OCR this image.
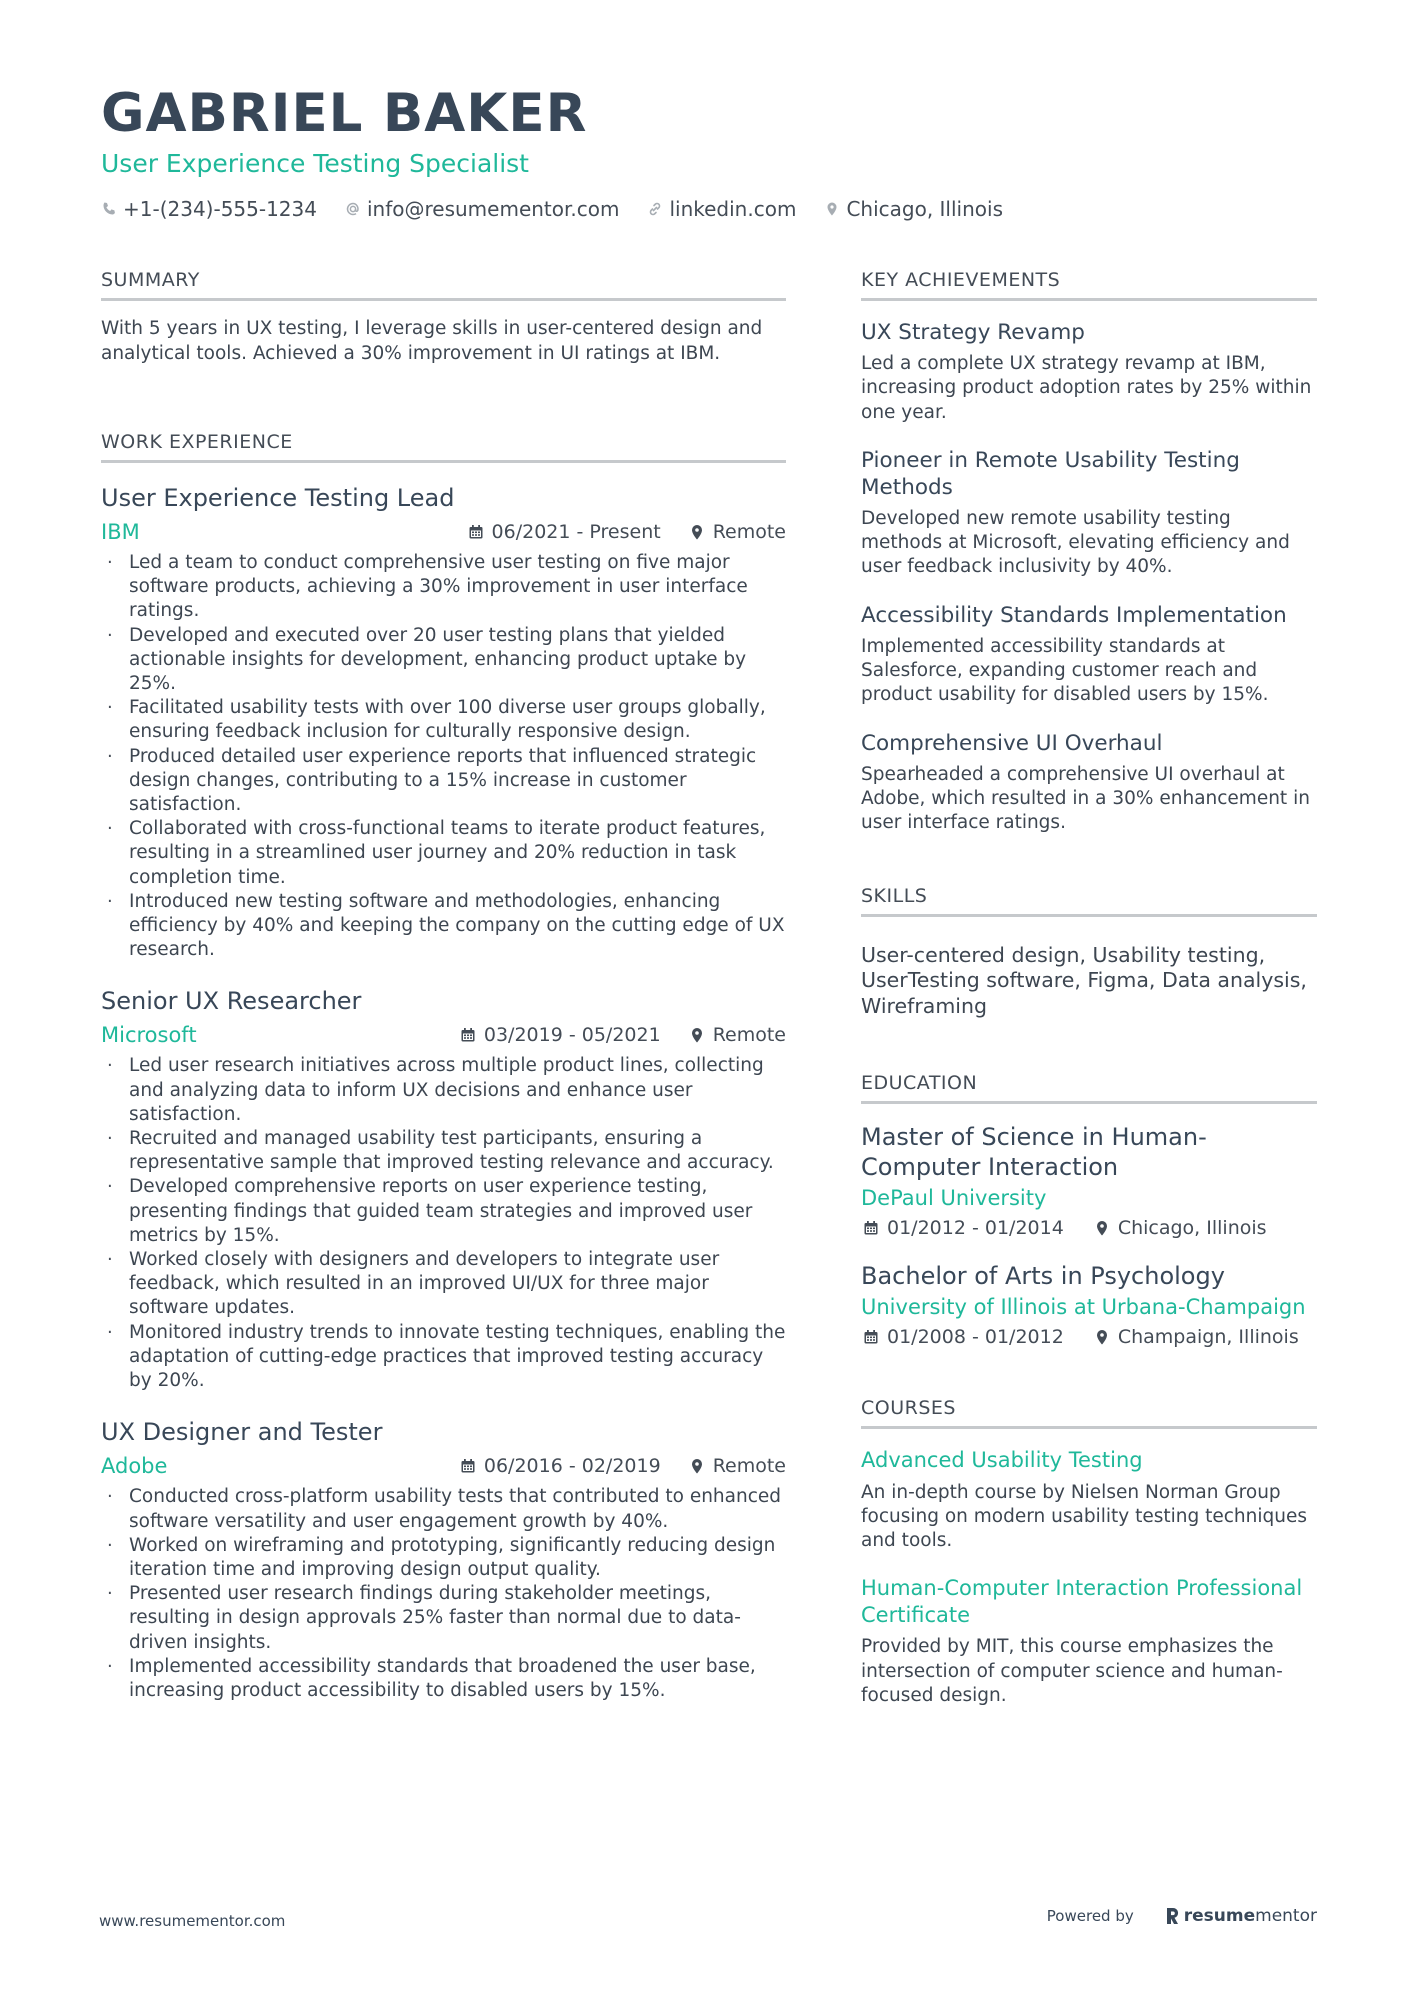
GABRIEL BAKER
User Experience Testing Specialist
+1-(234)-555-1234	info@resumementor.com	linkedin.com	Chicago, Illinois
SUMMARY
With 5 years in UX testing, I leverage skills in user-centered design and analytical tools. Achieved a 30% improvement in UI ratings at IBM.
WORK EXPERIENCE
User Experience Testing Lead
IBM	06/2021 - Present	Remote
· Led a team to conduct comprehensive user testing on five major software products, achieving a 30% improvement in user interface ratings.
· Developed and executed over 20 user testing plans that yielded actionable insights for development, enhancing product uptake by 25%.
· Facilitated usability tests with over 100 diverse user groups globally, ensuring feedback inclusion for culturally responsive design.
· Produced detailed user experience reports that influenced strategic design changes, contributing to a 15% increase in customer satisfaction.
· Collaborated with cross-functional teams to iterate product features, resulting in a streamlined user journey and 20% reduction in task completion time.
· Introduced new testing software and methodologies, enhancing efficiency by 40% and keeping the company on the cutting edge of UX research.
Senior UX Researcher
Microsoft	03/2019 - 05/2021	Remote
· Led user research initiatives across multiple product lines, collecting and analyzing data to inform UX decisions and enhance user satisfaction.
· Recruited and managed usability test participants, ensuring a representative sample that improved testing relevance and accuracy.
· Developed comprehensive reports on user experience testing, presenting findings that guided team strategies and improved user metrics by 15%.
· Worked closely with designers and developers to integrate user feedback, which resulted in an improved UI/UX for three major software updates.
· Monitored industry trends to innovate testing techniques, enabling the adaptation of cutting-edge practices that improved testing accuracy by 20%.
UX Designer and Tester
Adobe	06/2016 - 02/2019	Remote
· Conducted cross-platform usability tests that contributed to enhanced software versatility and user engagement growth by 40%.
· Worked on wireframing and prototyping, significantly reducing design iteration time and improving design output quality.
· Presented user research findings during stakeholder meetings, resulting in design approvals 25% faster than normal due to data-driven insights.
· Implemented accessibility standards that broadened the user base, increasing product accessibility to disabled users by 15%.
KEY ACHIEVEMENTS
UX Strategy Revamp
Led a complete UX strategy revamp at IBM, increasing product adoption rates by 25% within one year.
Pioneer in Remote Usability Testing Methods
Developed new remote usability testing methods at Microsoft, elevating efficiency and user feedback inclusivity by 40%.
Accessibility Standards Implementation
Implemented accessibility standards at Salesforce, expanding customer reach and product usability for disabled users by 15%.
Comprehensive UI Overhaul
Spearheaded a comprehensive UI overhaul at Adobe, which resulted in a 30% enhancement in user interface ratings.
SKILLS
User-centered design, Usability testing, UserTesting software, Figma, Data analysis, Wireframing
EDUCATION
Master of Science in Human-Computer Interaction
DePaul University
01/2012 - 01/2014	Chicago, Illinois
Bachelor of Arts in Psychology
University of Illinois at Urbana-Champaign
01/2008 - 01/2012	Champaign, Illinois
COURSES
Advanced Usability Testing
An in-depth course by Nielsen Norman Group focusing on modern usability testing techniques and tools.
Human-Computer Interaction Professional Certificate
Provided by MIT, this course emphasizes the intersection of computer science and human-focused design.
www.resumementor.com	Powered by	resume mentor
